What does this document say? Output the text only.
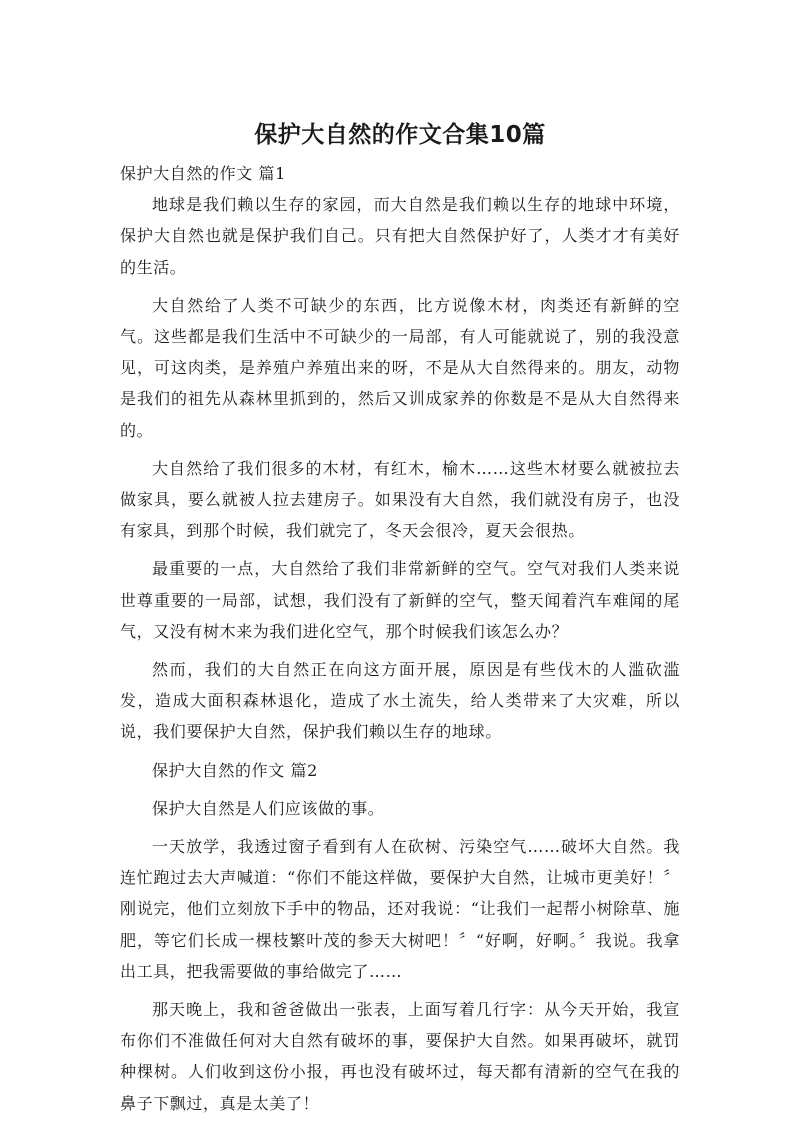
保护大自然的作文合集10篇

保护大自然的作文 篇1

地球是我们赖以生存的家园，而大自然是我们赖以生存的地球中环境，保护大自然也就是保护我们自己。只有把大自然保护好了，人类才才有美好的生活。

大自然给了人类不可缺少的东西，比方说像木材，肉类还有新鲜的空气。这些都是我们生活中不可缺少的一局部，有人可能就说了，别的我没意见，可这肉类，是养殖户养殖出来的呀，不是从大自然得来的。朋友，动物是我们的祖先从森林里抓到的，然后又训成家养的你数是不是从大自然得来的。

大自然给了我们很多的木材，有红木，榆木……这些木材要么就被拉去做家具，要么就被人拉去建房子。如果没有大自然，我们就没有房子，也没有家具，到那个时候，我们就完了，冬天会很冷，夏天会很热。

最重要的一点，大自然给了我们非常新鲜的空气。空气对我们人类来说世尊重要的一局部，试想，我们没有了新鲜的空气，整天闻着汽车难闻的尾气，又没有树木来为我们进化空气，那个时候我们该怎么办？

然而，我们的大自然正在向这方面开展，原因是有些伐木的人滥砍滥发，造成大面积森林退化，造成了水土流失，给人类带来了大灾难，所以说，我们要保护大自然，保护我们赖以生存的地球。

保护大自然的作文 篇2

保护大自然是人们应该做的事。

一天放学，我透过窗子看到有人在砍树、污染空气……破坏大自然。我连忙跑过去大声喊道：“你们不能这样做，要保护大自然，让城市更美好！〞刚说完，他们立刻放下手中的物品，还对我说：“让我们一起帮小树除草、施肥，等它们长成一棵枝繁叶茂的参天大树吧！〞“好啊，好啊。〞我说。我拿出工具，把我需要做的事给做完了……

那天晚上，我和爸爸做出一张表，上面写着几行字：从今天开始，我宣布你们不准做任何对大自然有破坏的事，要保护大自然。如果再破坏，就罚种棵树。人们收到这份小报，再也没有破坏过，每天都有清新的空气在我的鼻子下飘过，真是太美了！
